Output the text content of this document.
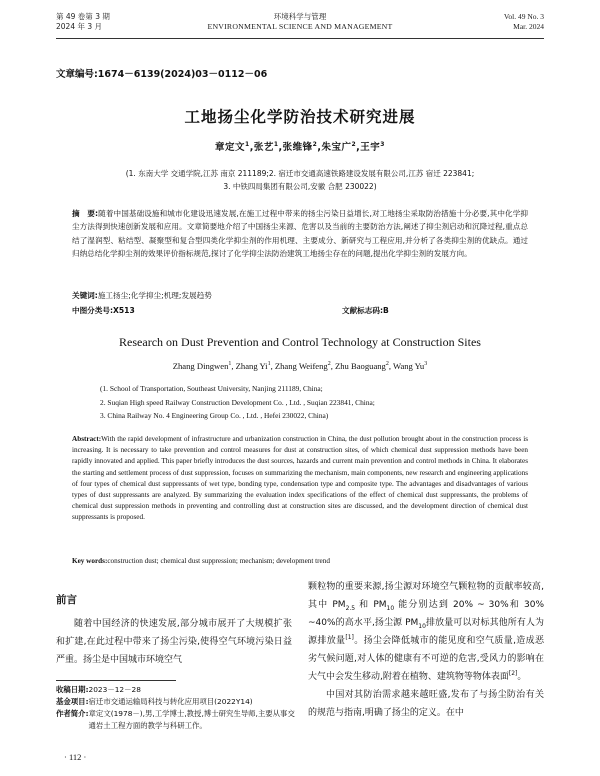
第 49 卷第 3 期
2024 年 3 月
环境科学与管理
ENVIRONMENTAL SCIENCE AND MANAGEMENT
Vol. 49 No. 3
Mar. 2024
文章编号:1674－6139(2024)03－0112－06
工地扬尘化学防治技术研究进展
章定文$^1$,张艺$^1$,张维锋$^2$,朱宝广$^2$,王宇$^3$
(1. 东南大学 交通学院,江苏 南京 211189;2. 宿迁市交通高速铁路建设发展有限公司,江苏 宿迁 223841;
3. 中铁四局集团有限公司,安徽 合肥 230022)
摘　要:随着中国基础设施和城市化建设迅速发展,在施工过程中带来的扬尘污染日益增长,对工地扬尘采取防治措施十分必要,其中化学抑尘方法得到快速创新发展和应用。文章简要地介绍了中国扬尘来源、危害以及当前的主要防治方法,阐述了抑尘剂启动和沉降过程,重点总结了湿润型、粘结型、凝聚型和复合型四类化学抑尘剂的作用机理、主要成分、新研究与工程应用,并分析了各类抑尘剂的优缺点。通过归纳总结化学抑尘剂的效果评价指标规范,探讨了化学抑尘法防治建筑工地扬尘存在的问题,提出化学抑尘剂的发展方向。
关键词:施工扬尘;化学抑尘;机理;发展趋势
中图分类号:X513	文献标志码:B
Research on Dust Prevention and Control Technology at Construction Sites
Zhang Dingwen$^1$, Zhang Yi$^1$, Zhang Weifeng$^2$, Zhu Baoguang$^2$, Wang Yu$^3$
(1. School of Transportation, Southeast University, Nanjing 211189, China;
2. Suqian High speed Railway Construction Development Co. , Ltd. , Suqian 223841, China;
3. China Railway No. 4 Engineering Group Co. , Ltd. , Hefei 230022, China)
Abstract:With the rapid development of infrastructure and urbanization construction in China, the dust pollution brought about in the construction process is increasing. It is necessary to take prevention and control measures for dust at construction sites, of which chemical dust suppression methods have been rapidly innovated and applied. This paper briefly introduces the dust sources, hazards and current main prevention and control methods in China. It elaborates the starting and settlement process of dust suppression, focuses on summarizing the mechanism, main components, new research and engineering applications of four types of chemical dust suppressants of wet type, bonding type, condensation type and composite type. The advantages and disadvantages of various types of dust suppressants are analyzed. By summarizing the evaluation index specifications of the effect of chemical dust suppressants, the problems of chemical dust suppression methods in preventing and controlling dust at construction sites are discussed, and the development direction of chemical dust suppressants is proposed.
Key words:construction dust; chemical dust suppression; mechanism; development trend
前言

随着中国经济的快速发展,部分城市展开了大规模扩张和扩建,在此过程中带来了扬尘污染,使得空气环境污染日益严重。扬尘是中国城市环境空气

颗粒物的重要来源,扬尘源对环境空气颗粒物的贡献率较高,其中 $PM_{2.5}$ 和 $PM_{10}$ 能分别达到 20% ~ 30%和 30% ~40%的高水平,扬尘源 $PM_{10}$排放量可以对标其他所有人为源排放量[1]。扬尘会降低城市的能见度和空气质量,造成恶劣气候问题,对人体的健康有不可逆的危害,受风力的影响在大气中会发生移动,附着在植物、建筑物等物体表面[2]。

中国对其防治需求越来越旺盛,发布了与扬尘防治有关的规范与指南,明确了扬尘的定义。在中

收稿日期: 2023－12－28
基金项目: 宿迁市交通运输局科技与转化应用项目(2022Y14)
作者简介: 章定文(1978－),男,工学博士,教授,博士研究生导师,主要从事交通岩土工程方面的教学与科研工作。
· 112 ·
